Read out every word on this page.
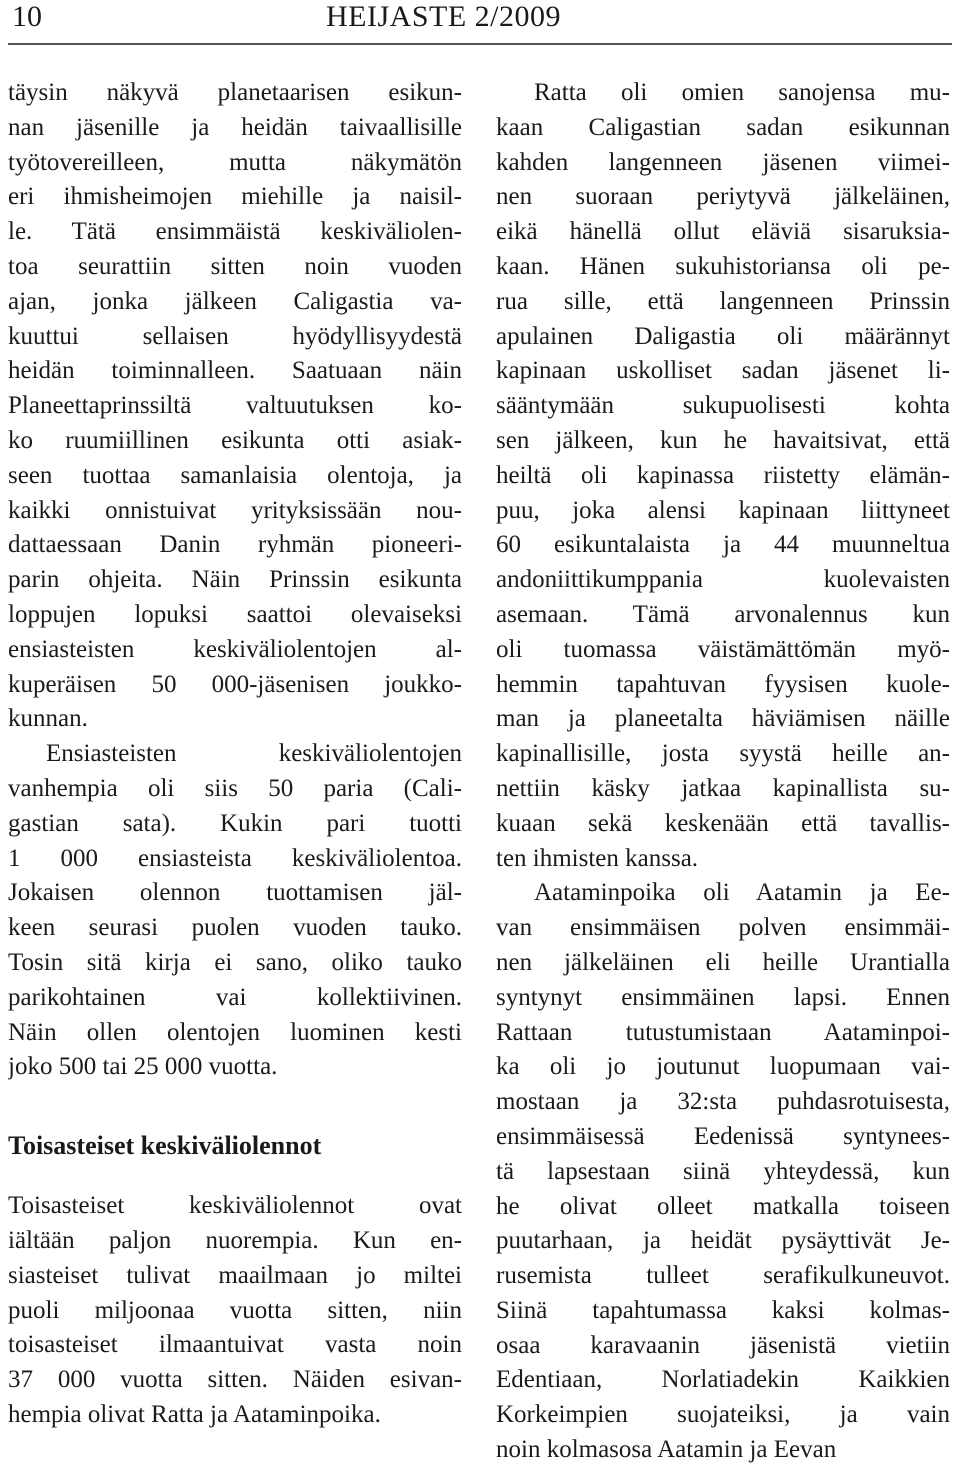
10	HEIJASTE 2/2009
täysin näkyvä planetaarisen esikun-
nan jäsenille ja heidän taivaallisille
työtovereilleen, mutta näkymätön
eri ihmisheimojen miehille ja naisil-
le. Tätä ensimmäistä keskiväliolen-
toa seurattiin sitten noin vuoden
ajan, jonka jälkeen Caligastia va-
kuuttui sellaisen hyödyllisyydestä
heidän toiminnalleen. Saatuaan näin
Planeettaprinssiltä valtuutuksen ko-
ko ruumiillinen esikunta otti asiak-
seen tuottaa samanlaisia olentoja, ja
kaikki onnistuivat yrityksissään nou-
dattaessaan Danin ryhmän pioneeri-
parin ohjeita. Näin Prinssin esikunta
loppujen lopuksi saattoi olevaiseksi
ensiasteisten keskiväliolentojen al-
kuperäisen 50 000-jäsenisen joukko-
kunnan.
Ensiasteisten keskiväliolentojen
vanhempia oli siis 50 paria (Cali-
gastian sata). Kukin pari tuotti
1 000 ensiasteista keskiväliolentoa.
Jokaisen olennon tuottamisen jäl-
keen seurasi puolen vuoden tauko.
Tosin sitä kirja ei sano, oliko tauko
parikohtainen vai kollektiivinen.
Näin ollen olentojen luominen kesti
joko 500 tai 25 000 vuotta.
Toisasteiset keskiväliolennot
Toisasteiset keskiväliolennot ovat
iältään paljon nuorempia. Kun en-
siasteiset tulivat maailmaan jo miltei
puoli miljoonaa vuotta sitten, niin
toisasteiset ilmaantuivat vasta noin
37 000 vuotta sitten. Näiden esivan-
hempia olivat Ratta ja Aataminpoika.
Ratta oli omien sanojensa mu-
kaan Caligastian sadan esikunnan
kahden langenneen jäsenen viimei-
nen suoraan periytyvä jälkeläinen,
eikä hänellä ollut eläviä sisaruksia-
kaan. Hänen sukuhistoriansa oli pe-
rua sille, että langenneen Prinssin
apulainen Daligastia oli määrännyt
kapinaan uskolliset sadan jäsenet li-
sääntymään sukupuolisesti kohta
sen jälkeen, kun he havaitsivat, että
heiltä oli kapinassa riistetty elämän-
puu, joka alensi kapinaan liittyneet
60 esikuntalaista ja 44 muunneltua
andoniittikumppania kuolevaisten
asemaan. Tämä arvonalennus kun
oli tuomassa väistämättömän myö-
hemmin tapahtuvan fyysisen kuole-
man ja planeetalta häviämisen näille
kapinallisille, josta syystä heille an-
nettiin käsky jatkaa kapinallista su-
kuaan sekä keskenään että tavallis-
ten ihmisten kanssa.
Aataminpoika oli Aatamin ja Ee-
van ensimmäisen polven ensimmäi-
nen jälkeläinen eli heille Urantialla
syntynyt ensimmäinen lapsi. Ennen
Rattaan tutustumistaan Aataminpoi-
ka oli jo joutunut luopumaan vai-
mostaan ja 32:sta puhdasrotuisesta,
ensimmäisessä Eedenissä syntynees-
tä lapsestaan siinä yhteydessä, kun
he olivat olleet matkalla toiseen
puutarhaan, ja heidät pysäyttivät Je-
rusemista tulleet serafikulkuneuvot.
Siinä tapahtumassa kaksi kolmas-
osaa karavaanin jäsenistä vietiin
Edentiaan, Norlatiadekin Kaikkien
Korkeimpien suojateiksi, ja vain
noin kolmasosa Aatamin ja Eevan
